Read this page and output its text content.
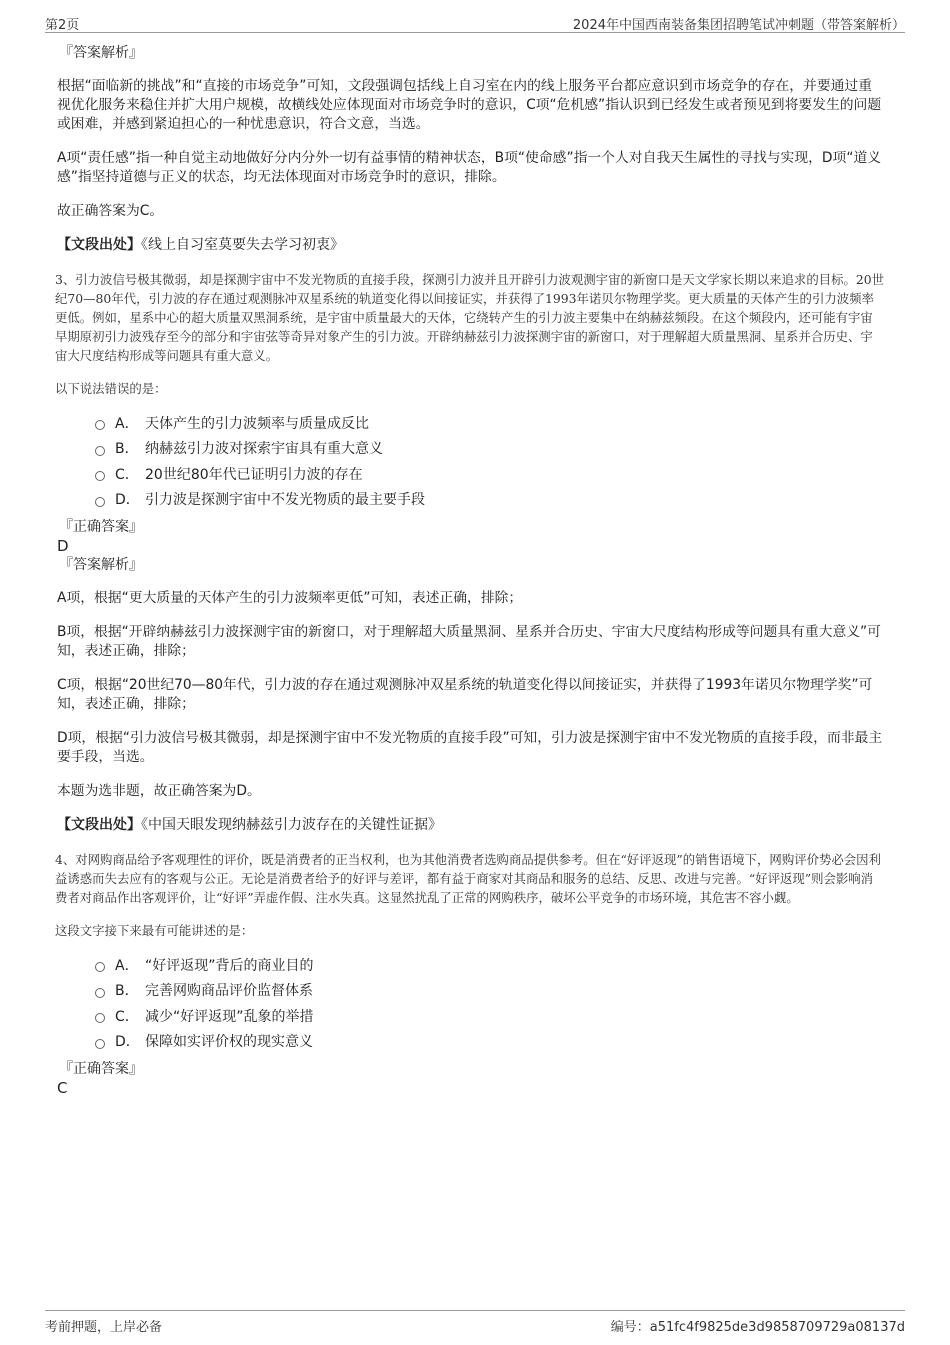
第2页	2024年中国西南装备集团招聘笔试冲刺题（带答案解析）
『答案解析』
根据“面临新的挑战”和“直接的市场竞争”可知，文段强调包括线上自习室在内的线上服务平台都应意识到市场竞争的存在，并要通过重视优化服务来稳住并扩大用户规模，故横线处应体现面对市场竞争时的意识，C项“危机感”指认识到已经发生或者预见到将要发生的问题或困难，并感到紧迫担心的一种忧患意识，符合文意，当选。
A项“责任感”指一种自觉主动地做好分内分外一切有益事情的精神状态，B项“使命感”指一个人对自我天生属性的寻找与实现，D项“道义感”指坚持道德与正义的状态，均无法体现面对市场竞争时的意识，排除。
故正确答案为C。
【文段出处】《线上自习室莫要失去学习初衷》
3、引力波信号极其微弱，却是探测宇宙中不发光物质的直接手段，探测引力波并且开辟引力波观测宇宙的新窗口是天文学家长期以来追求的目标。20世纪70—80年代，引力波的存在通过观测脉冲双星系统的轨道变化得以间接证实，并获得了1993年诺贝尔物理学奖。更大质量的天体产生的引力波频率更低。例如，星系中心的超大质量双黑洞系统，是宇宙中质量最大的天体，它绕转产生的引力波主要集中在纳赫兹频段。在这个频段内，还可能有宇宙早期原初引力波残存至今的部分和宇宙弦等奇异对象产生的引力波。开辟纳赫兹引力波探测宇宙的新窗口，对于理解超大质量黑洞、星系并合历史、宇宙大尺度结构形成等问题具有重大意义。
以下说法错误的是：
A． 天体产生的引力波频率与质量成反比
B． 纳赫兹引力波对探索宇宙具有重大意义
C． 20世纪80年代已证明引力波的存在
D． 引力波是探测宇宙中不发光物质的最主要手段
『正确答案』
D
『答案解析』
A项，根据“更大质量的天体产生的引力波频率更低”可知，表述正确，排除；
B项，根据“开辟纳赫兹引力波探测宇宙的新窗口，对于理解超大质量黑洞、星系并合历史、宇宙大尺度结构形成等问题具有重大意义”可知，表述正确，排除；
C项，根据“20世纪70—80年代，引力波的存在通过观测脉冲双星系统的轨道变化得以间接证实，并获得了1993年诺贝尔物理学奖”可知，表述正确，排除；
D项，根据“引力波信号极其微弱，却是探测宇宙中不发光物质的直接手段”可知，引力波是探测宇宙中不发光物质的直接手段，而非最主要手段，当选。
本题为选非题，故正确答案为D。
【文段出处】《中国天眼发现纳赫兹引力波存在的关键性证据》
4、对网购商品给予客观理性的评价，既是消费者的正当权利，也为其他消费者选购商品提供参考。但在“好评返现”的销售语境下，网购评价势必会因利益诱惑而失去应有的客观与公正。无论是消费者给予的好评与差评，都有益于商家对其商品和服务的总结、反思、改进与完善。“好评返现”则会影响消费者对商品作出客观评价，让“好评”弄虚作假、注水失真。这显然扰乱了正常的网购秩序，破坏公平竞争的市场环境，其危害不容小觑。
这段文字接下来最有可能讲述的是：
A． “好评返现”背后的商业目的
B． 完善网购商品评价监督体系
C． 减少“好评返现”乱象的举措
D． 保障如实评价权的现实意义
『正确答案』
C
考前押题，上岸必备	编号：a51fc4f9825de3d9858709729a08137d
